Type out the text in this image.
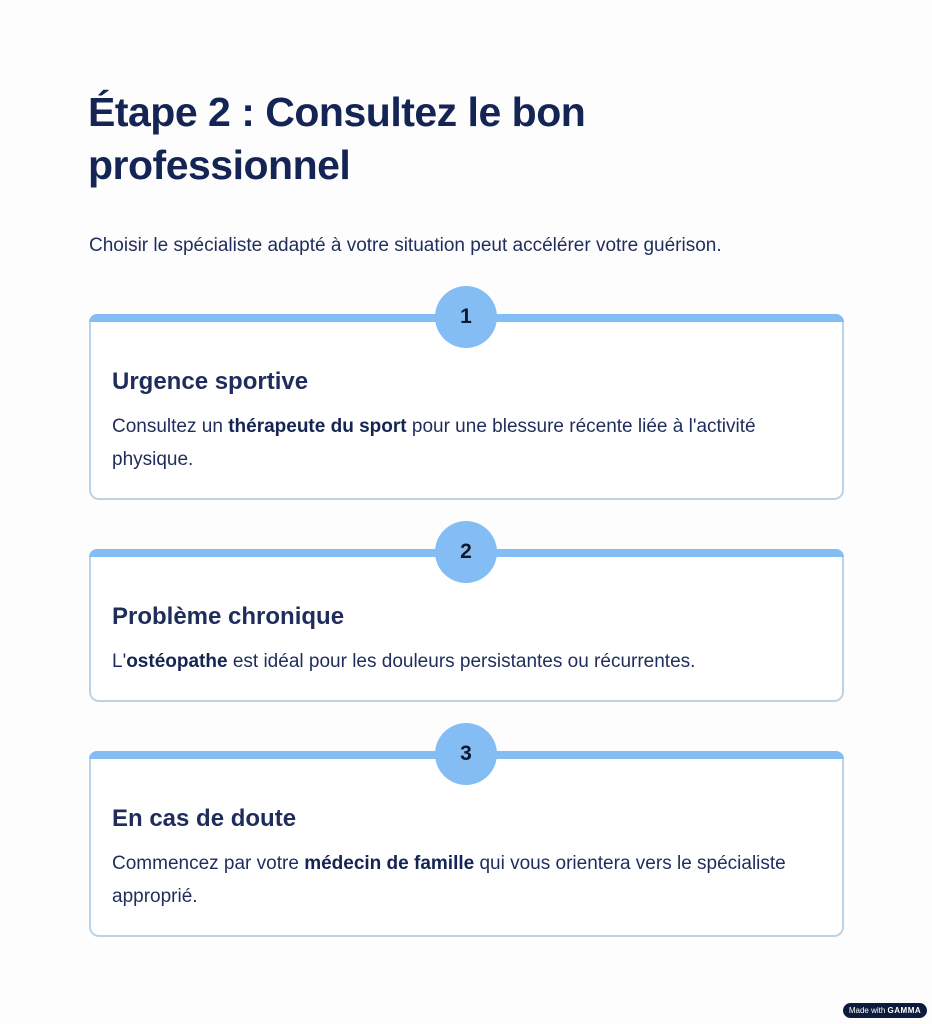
Étape 2 : Consultez le bon professionnel

Choisir le spécialiste adapté à votre situation peut accélérer votre guérison.

1
Urgence sportive

Consultez un thérapeute du sport pour une blessure récente liée à l'activité physique.

2
Problème chronique

L'ostéopathe est idéal pour les douleurs persistantes ou récurrentes.

3
En cas de doute

Commencez par votre médecin de famille qui vous orientera vers le spécialiste approprié.

Made with GAMMA
